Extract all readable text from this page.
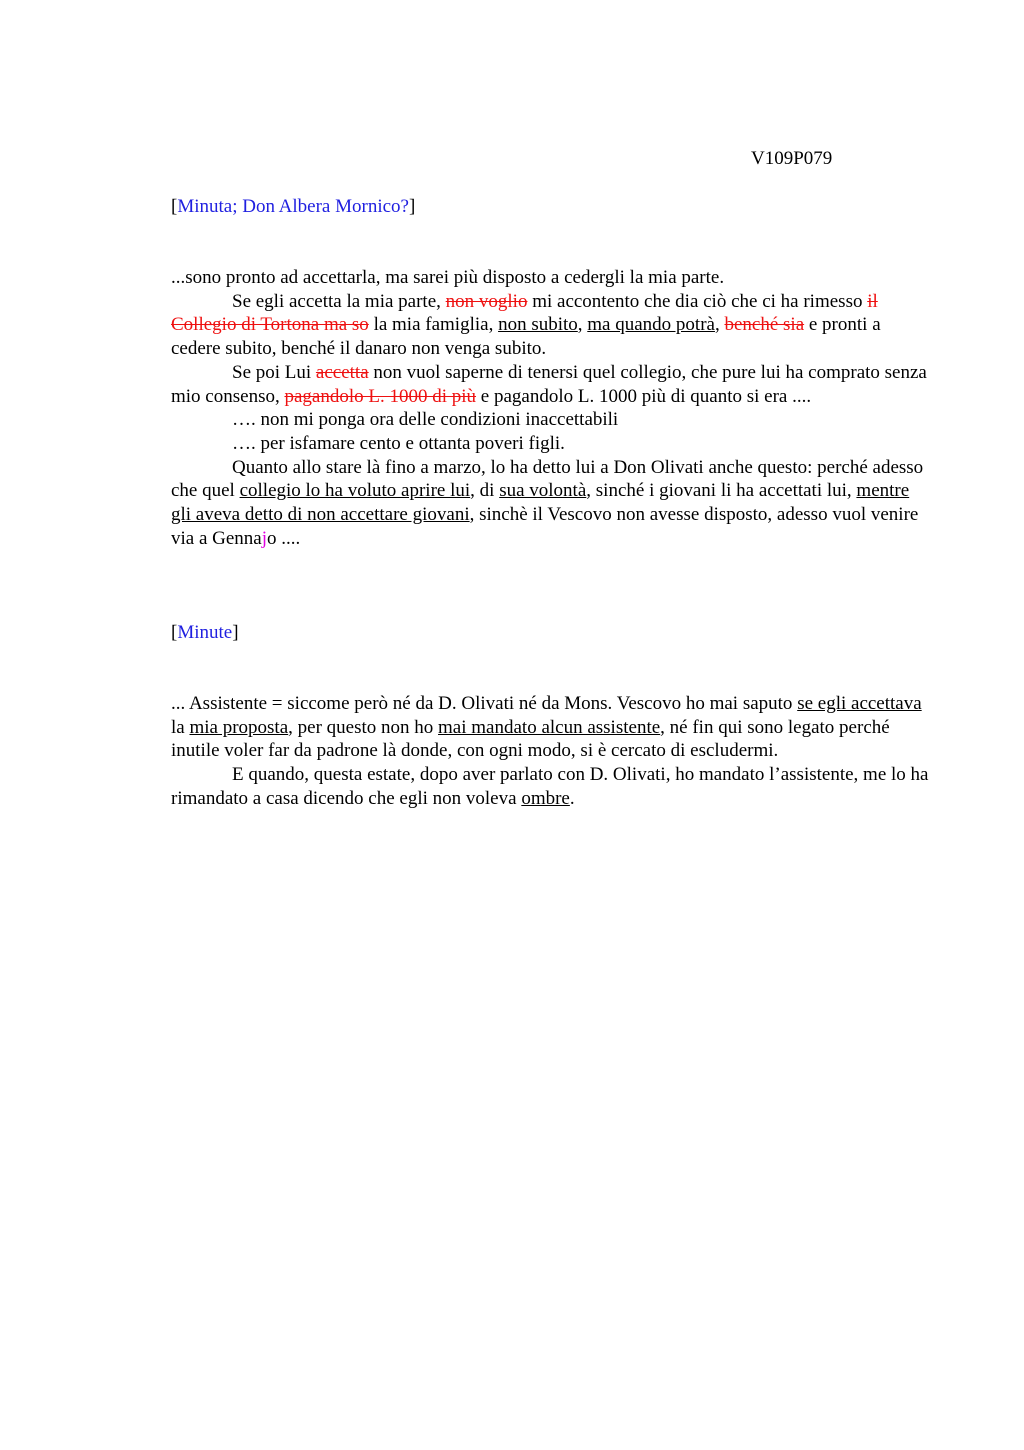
V109P079
[Minuta; Don Albera Mornico?]

...sono pronto ad accettarla, ma sarei più disposto a cedergli la mia parte.

Se egli accetta la mia parte, non voglio mi accontento che dia ciò che ci ha rimesso il Collegio di Tortona ma so la mia famiglia, non subito, ma quando potrà, benché sia e pronti a cedere subito, benché il danaro non venga subito.

Se poi Lui accetta non vuol saperne di tenersi quel collegio, che pure lui ha comprato senza mio consenso, pagandolo L. 1000 di più e pagandolo L. 1000 più di quanto si era ....

…. non mi ponga ora delle condizioni inaccettabili

…. per isfamare cento e ottanta poveri figli.

Quanto allo stare là fino a marzo, lo ha detto lui a Don Olivati anche questo: perché adesso che quel collegio lo ha voluto aprire lui, di sua volontà, sinché i giovani li ha accettati lui, mentre gli aveva detto di non accettare giovani, sinchè il Vescovo non avesse disposto, adesso vuol venire via a Gennajo ....

[Minute]

... Assistente = siccome però né da D. Olivati né da Mons. Vescovo ho mai saputo se egli accettava la mia proposta, per questo non ho mai mandato alcun assistente, né fin qui sono legato perché inutile voler far da padrone là donde, con ogni modo, si è cercato di escludermi.

E quando, questa estate, dopo aver parlato con D. Olivati, ho mandato l’assistente, me lo ha rimandato a casa dicendo che egli non voleva ombre.
